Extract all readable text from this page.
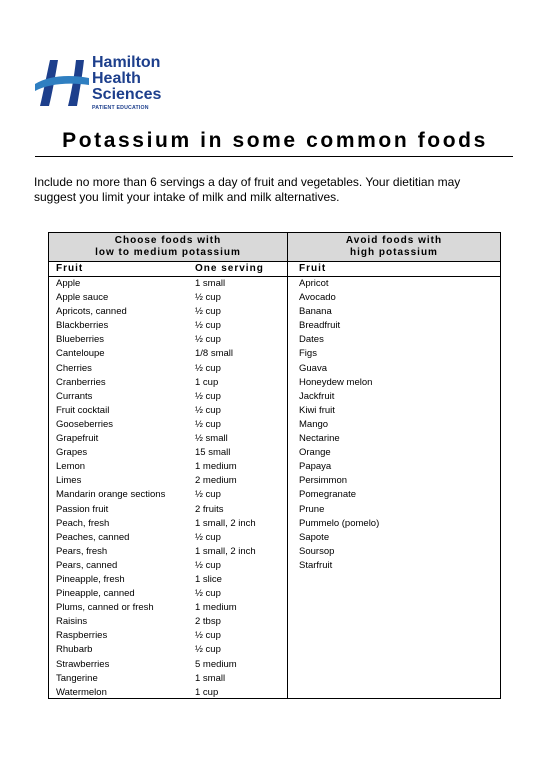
Hamilton
Health
Sciences
PATIENT EDUCATION
Potassium in some common foods
Include no more than 6 servings a day of fruit and vegetables. Your dietitian may suggest you limit your intake of milk and milk alternatives.
Choose foods with
low to medium potassium
Avoid foods with
high potassium
Fruit	One serving	Fruit
Apple	1 small	Apricot
Apple sauce	½ cup	Avocado
Apricots, canned	½ cup	Banana
Blackberries	½ cup	Breadfruit
Blueberries	½ cup	Dates
Canteloupe	1/8 small	Figs
Cherries	½ cup	Guava
Cranberries	1 cup	Honeydew melon
Currants	½ cup	Jackfruit
Fruit cocktail	½ cup	Kiwi fruit
Gooseberries	½ cup	Mango
Grapefruit	½ small	Nectarine
Grapes	15 small	Orange
Lemon	1 medium	Papaya
Limes	2 medium	Persimmon
Mandarin orange sections	½ cup	Pomegranate
Passion fruit	2 fruits	Prune
Peach, fresh	1 small, 2 inch	Pummelo (pomelo)
Peaches, canned	½ cup	Sapote
Pears, fresh	1 small, 2 inch	Soursop
Pears, canned	½ cup	Starfruit
Pineapple, fresh	1 slice
Pineapple, canned	½ cup
Plums, canned or fresh	1 medium
Raisins	2 tbsp
Raspberries	½ cup
Rhubarb	½ cup
Strawberries	5 medium
Tangerine	1 small
Watermelon	1 cup
